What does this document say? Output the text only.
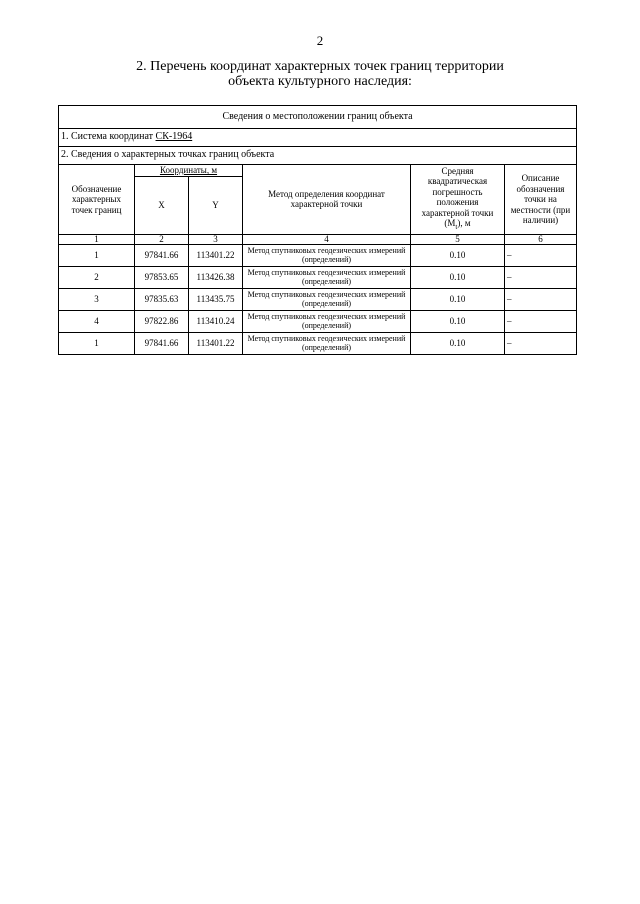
2
2. Перечень координат характерных точек границ территории
объекта культурного наследия:
Сведения о местоположении границ объекта					
1. Система координат СК-1964					
2. Сведения о характерных точках границ объекта					
Обозначение характерных точек границ	Координаты, м		Метод определения координат характерной точки	Средняя квадратическая погрешность положения характерной точки $(M_t)$, м	Описание обозначения точки на местности (при наличии)
	X	Y			
1	2	3	4	5	6
1	97841.66	113401.22	Метод спутниковых геодезических измерений (определений)	0.10	–
2	97853.65	113426.38	Метод спутниковых геодезических измерений (определений)	0.10	–
3	97835.63	113435.75	Метод спутниковых геодезических измерений (определений)	0.10	–
4	97822.86	113410.24	Метод спутниковых геодезических измерений (определений)	0.10	–
1	97841.66	113401.22	Метод спутниковых геодезических измерений (определений)	0.10	–
